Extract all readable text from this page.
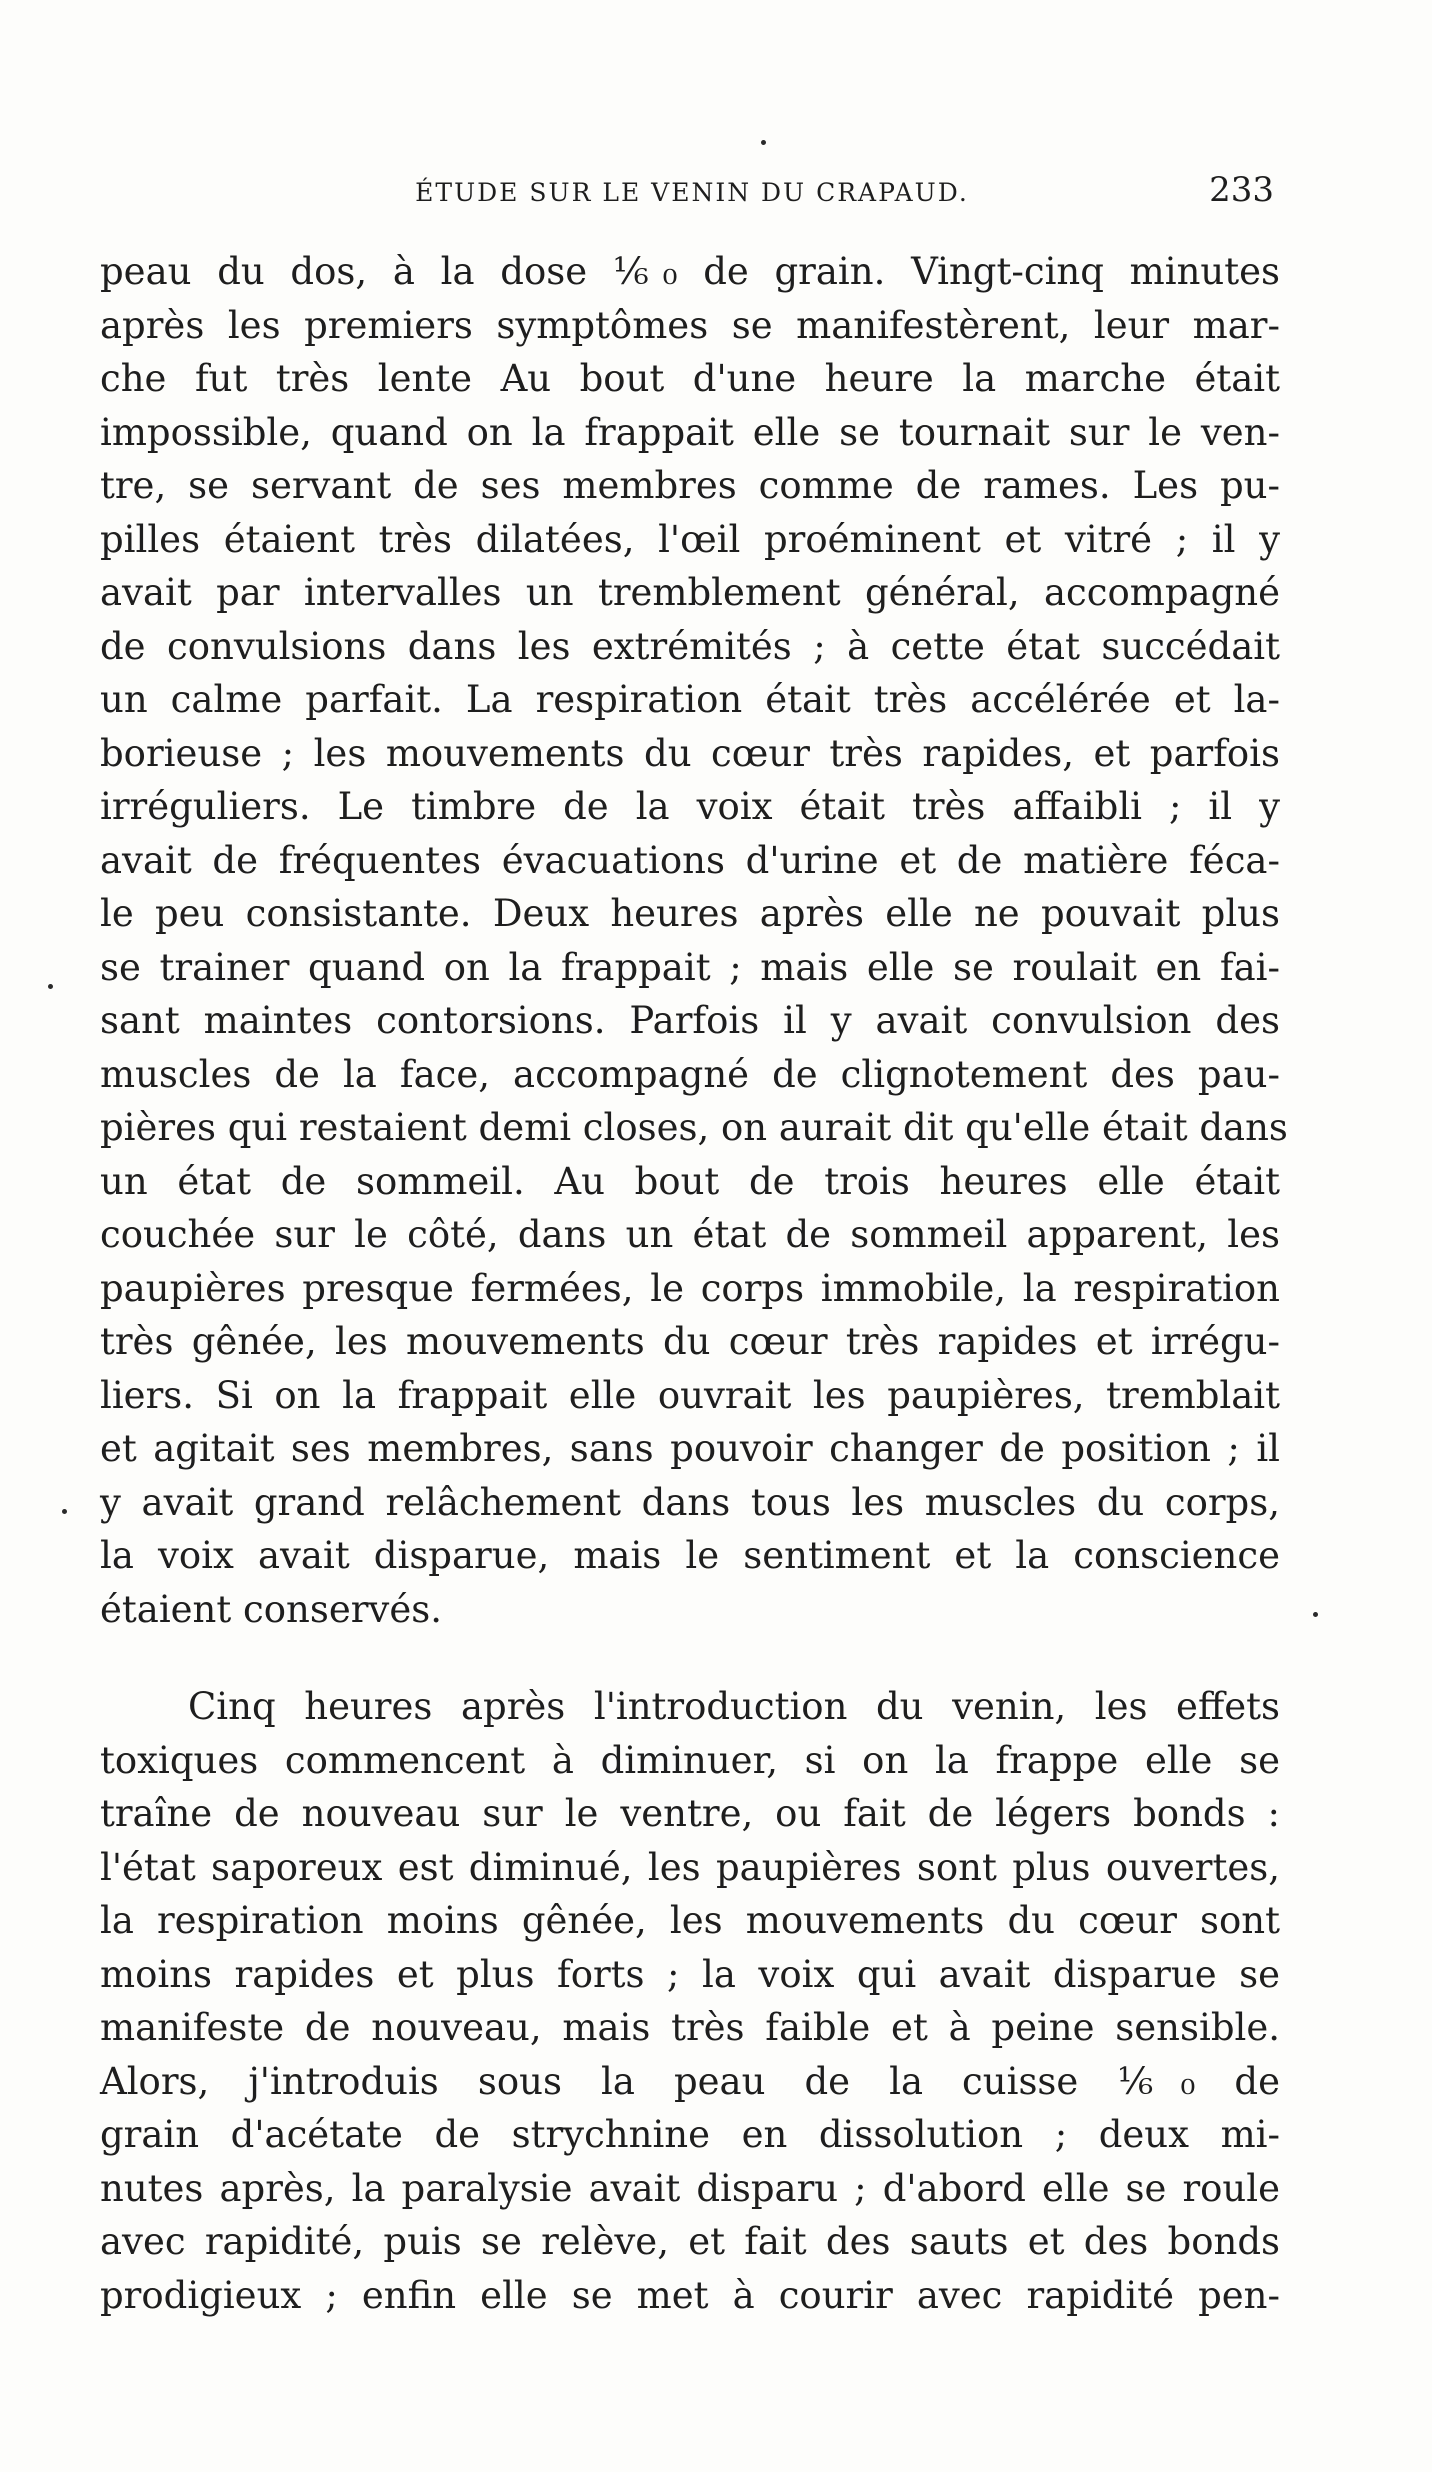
ÉTUDE SUR LE VENIN DU CRAPAUD.	233
peau du dos, à la dose ⅙₀ de grain. Vingt-cinq minutes
après les premiers symptômes se manifestèrent, leur mar-
che fut très lente Au bout d'une heure la marche était
impossible, quand on la frappait elle se tournait sur le ven-
tre, se servant de ses membres comme de rames. Les pu-
pilles étaient très dilatées, l'œil proéminent et vitré ; il y
avait par intervalles un tremblement général, accompagné
de convulsions dans les extrémités ; à cette état succédait
un calme parfait. La respiration était très accélérée et la-
borieuse ; les mouvements du cœur très rapides, et parfois
irréguliers. Le timbre de la voix était très affaibli ; il y
avait de fréquentes évacuations d'urine et de matière féca-
le peu consistante. Deux heures après elle ne pouvait plus
se trainer quand on la frappait ; mais elle se roulait en fai-
sant maintes contorsions. Parfois il y avait convulsion des
muscles de la face, accompagné de clignotement des pau-
pières qui restaient demi closes, on aurait dit qu'elle était dans
un état de sommeil. Au bout de trois heures elle était
couchée sur le côté, dans un état de sommeil apparent, les
paupières presque fermées, le corps immobile, la respiration
très gênée, les mouvements du cœur très rapides et irrégu-
liers. Si on la frappait elle ouvrait les paupières, tremblait
et agitait ses membres, sans pouvoir changer de position ; il
y avait grand relâchement dans tous les muscles du corps,
la voix avait disparue, mais le sentiment et la conscience
étaient conservés.
Cinq heures après l'introduction du venin, les effets
toxiques commencent à diminuer, si on la frappe elle se
traîne de nouveau sur le ventre, ou fait de légers bonds :
l'état saporeux est diminué, les paupières sont plus ouvertes,
la respiration moins gênée, les mouvements du cœur sont
moins rapides et plus forts ; la voix qui avait disparue se
manifeste de nouveau, mais très faible et à peine sensible.
Alors, j'introduis sous la peau de la cuisse ⅙₀ de
grain d'acétate de strychnine en dissolution ; deux mi-
nutes après, la paralysie avait disparu ; d'abord elle se roule
avec rapidité, puis se relève, et fait des sauts et des bonds
prodigieux ; enfin elle se met à courir avec rapidité pen-
